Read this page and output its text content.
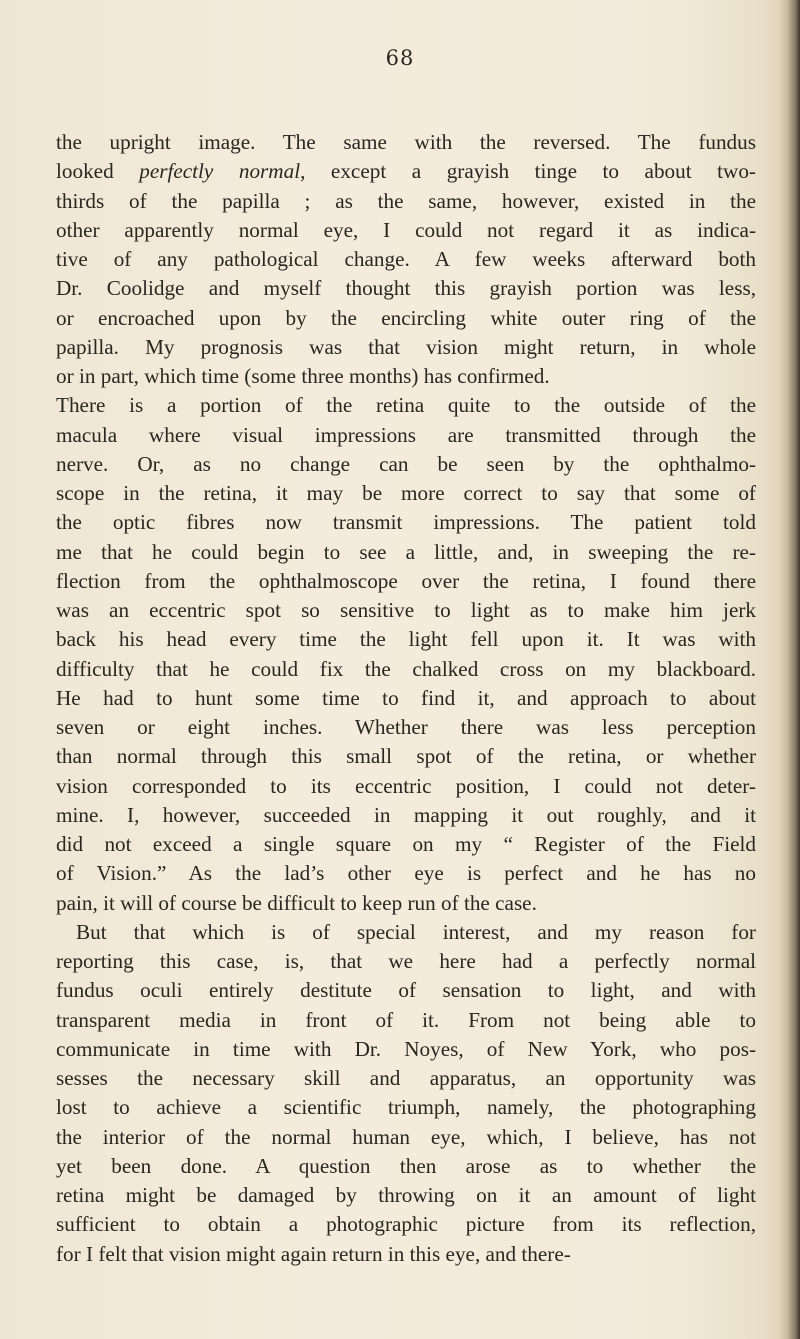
68
the upright image. The same with the reversed. The fundus
looked perfectly normal, except a grayish tinge to about two-
thirds of the papilla ; as the same, however, existed in the
other apparently normal eye, I could not regard it as indica-
tive of any pathological change. A few weeks afterward both
Dr. Coolidge and myself thought this grayish portion was less,
or encroached upon by the encircling white outer ring of the
papilla. My prognosis was that vision might return, in whole
or in part, which time (some three months) has confirmed.
There is a portion of the retina quite to the outside of the
macula where visual impressions are transmitted through the
nerve. Or, as no change can be seen by the ophthalmo-
scope in the retina, it may be more correct to say that some of
the optic fibres now transmit impressions. The patient told
me that he could begin to see a little, and, in sweeping the re-
flection from the ophthalmoscope over the retina, I found there
was an eccentric spot so sensitive to light as to make him jerk
back his head every time the light fell upon it. It was with
difficulty that he could fix the chalked cross on my blackboard.
He had to hunt some time to find it, and approach to about
seven or eight inches. Whether there was less perception
than normal through this small spot of the retina, or whether
vision corresponded to its eccentric position, I could not deter-
mine. I, however, succeeded in mapping it out roughly, and it
did not exceed a single square on my “ Register of the Field
of Vision.” As the lad’s other eye is perfect and he has no
pain, it will of course be difficult to keep run of the case.
But that which is of special interest, and my reason for
reporting this case, is, that we here had a perfectly normal
fundus oculi entirely destitute of sensation to light, and with
transparent media in front of it. From not being able to
communicate in time with Dr. Noyes, of New York, who pos-
sesses the necessary skill and apparatus, an opportunity was
lost to achieve a scientific triumph, namely, the photographing
the interior of the normal human eye, which, I believe, has not
yet been done. A question then arose as to whether the
retina might be damaged by throwing on it an amount of light
sufficient to obtain a photographic picture from its reflection,
for I felt that vision might again return in this eye, and there-
